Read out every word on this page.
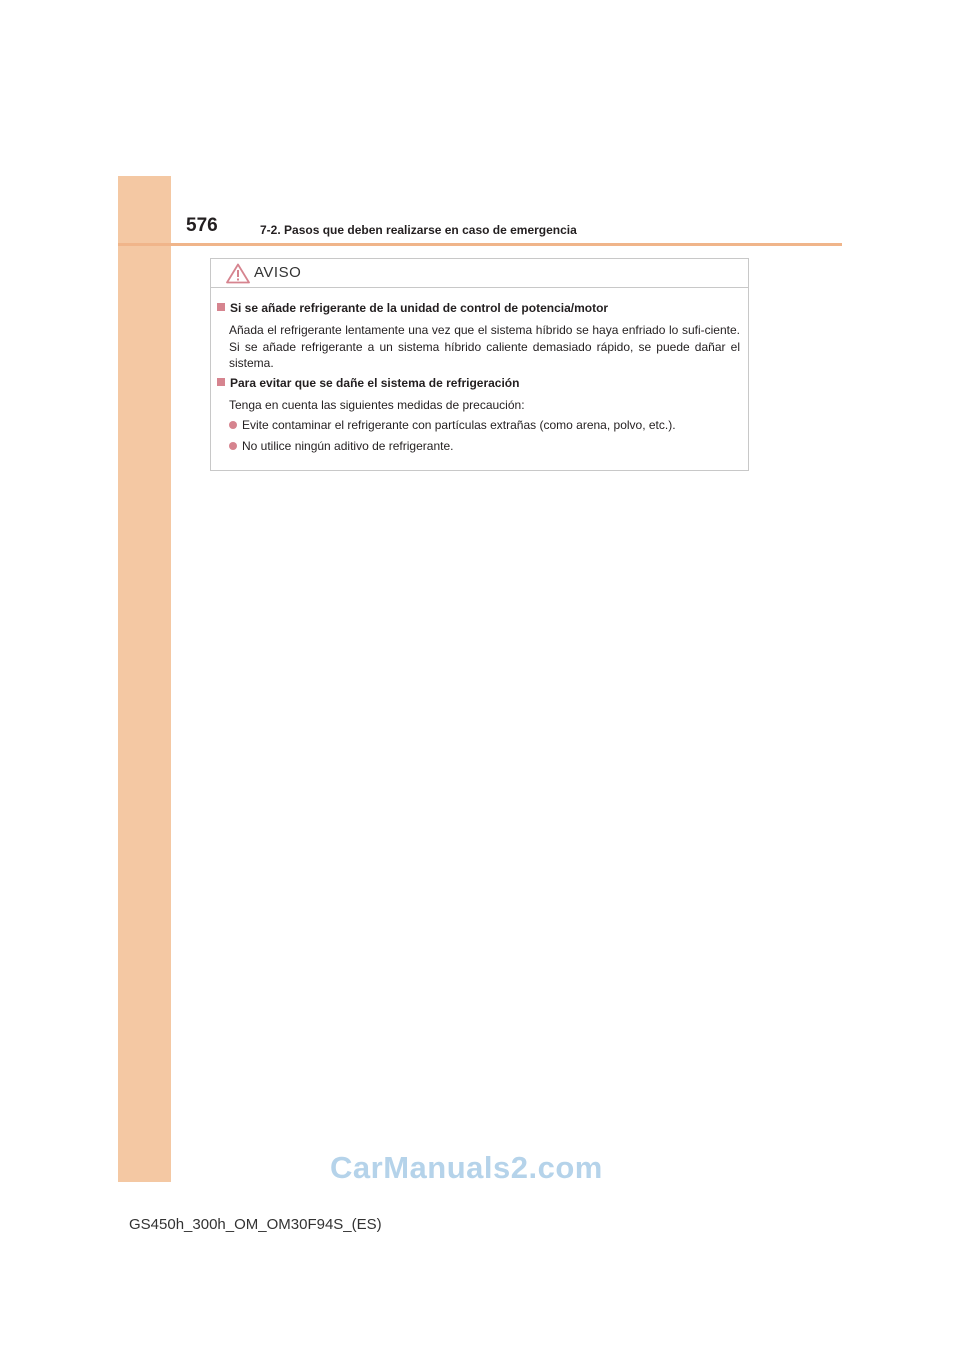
576	7-2. Pasos que deben realizarse en caso de emergencia
AVISO
Si se añade refrigerante de la unidad de control de potencia/motor
Añada el refrigerante lentamente una vez que el sistema híbrido se haya enfriado lo sufi-ciente. Si se añade refrigerante a un sistema híbrido caliente demasiado rápido, se puede dañar el sistema.
Para evitar que se dañe el sistema de refrigeración
Tenga en cuenta las siguientes medidas de precaución:
Evite contaminar el refrigerante con partículas extrañas (como arena, polvo, etc.).
No utilice ningún aditivo de refrigerante.
CarManuals2.com
GS450h_300h_OM_OM30F94S_(ES)
